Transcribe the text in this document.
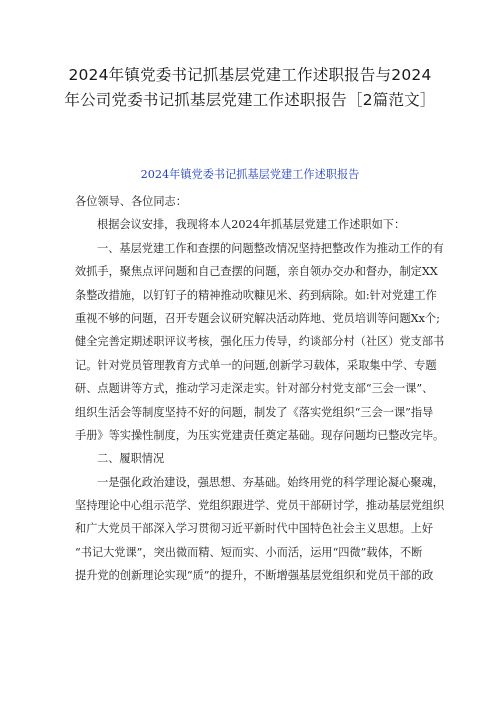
2024年镇党委书记抓基层党建工作述职报告与2024
年公司党委书记抓基层党建工作述职报告［2篇范文］
2024年镇党委书记抓基层党建工作述职报告
各位领导、各位同志：
根据会议安排，我现将本人2024年抓基层党建工作述职如下：
一、基层党建工作和查摆的问题整改情况坚持把整改作为推动工作的有
效抓手，聚焦点评问题和自己查摆的问题，亲自领办交办和督办，制定XX
条整改措施，以钉钉子的精神推动吹糠见米、药到病除。如:针对党建工作
重视不够的问题，召开专题会议研究解决活动阵地、党员培训等问题Xx个;
健全完善定期述职评议考核，强化压力传导，约谈部分村（社区）党支部书
记。针对党员管理教育方式单一的问题,创新学习载体，采取集中学、专题
研、点题讲等方式，推动学习走深走实。针对部分村党支部“三会一课”、
组织生活会等制度坚持不好的问题，制发了《落实党组织“三会一课”指导
手册》等实操性制度，为压实党建责任奠定基础。现存问题均已整改完毕。
二、履职情况
一是强化政治建设，强思想、夯基础。始终用党的科学理论凝心聚魂，
坚持理论中心组示范学、党组织跟进学、党员干部研讨学，推动基层党组织
和广大党员干部深入学习贯彻习近平新时代中国特色社会主义思想。上好
“书记大党课”，突出微而精、短而实、小而活，运用“四微”载体，不断
提升党的创新理论实现“质”的提升，不断增强基层党组织和党员干部的政
